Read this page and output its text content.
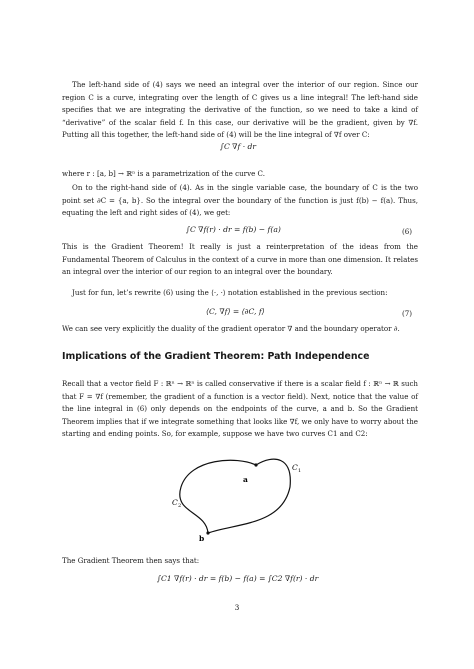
The left-hand side of (4) says we need an integral over the interior of our region. Since our region C is a curve, integrating over the length of C gives us a line integral! The left-hand side specifies that we are integrating the derivative of the function, so we need to take a kind of “derivative” of the scalar field f. In this case, our derivative will be the gradient, given by ∇f. Putting all this together, the left-hand side of (4) will be the line integral of ∇f over C:

∫C ∇f · dr
where r : [a, b] → ℝⁿ is a parametrization of the curve C.

On to the right-hand side of (4). As in the single variable case, the boundary of C is the two point set ∂C = {a, b}. So the integral over the boundary of the function is just f(b) − f(a). Thus, equating the left and right sides of (4), we get:

∫C ∇f(r) · dr = f(b) − f(a)	(6)

This is the Gradient Theorem! It really is just a reinterpretation of the ideas from the Fundamental Theorem of Calculus in the context of a curve in more than one dimension. It relates an integral over the interior of our region to an integral over the boundary.

Just for fun, let’s rewrite (6) using the ⟨·, ·⟩ notation established in the previous section:

⟨C, ∇f⟩ = ⟨∂C, f⟩	(7)
We can see very explicitly the duality of the gradient operator ∇ and the boundary operator ∂.
Implications of the Gradient Theorem: Path Independence

Recall that a vector field F : ℝⁿ → ℝⁿ is called conservative if there is a scalar field f : ℝⁿ → ℝ such that F = ∇f (remember, the gradient of a function is a vector field). Next, notice that the value of the line integral in (6) only depends on the endpoints of the curve, a and b. So the Gradient Theorem implies that if we integrate something that looks like ∇f, we only have to worry about the starting and ending points. So, for example, suppose we have two curves C1 and C2:

a
b
C 1
C 2
The Gradient Theorem then says that:
∫C1 ∇f(r) · dr = f(b) − f(a) = ∫C2 ∇f(r) · dr
3
